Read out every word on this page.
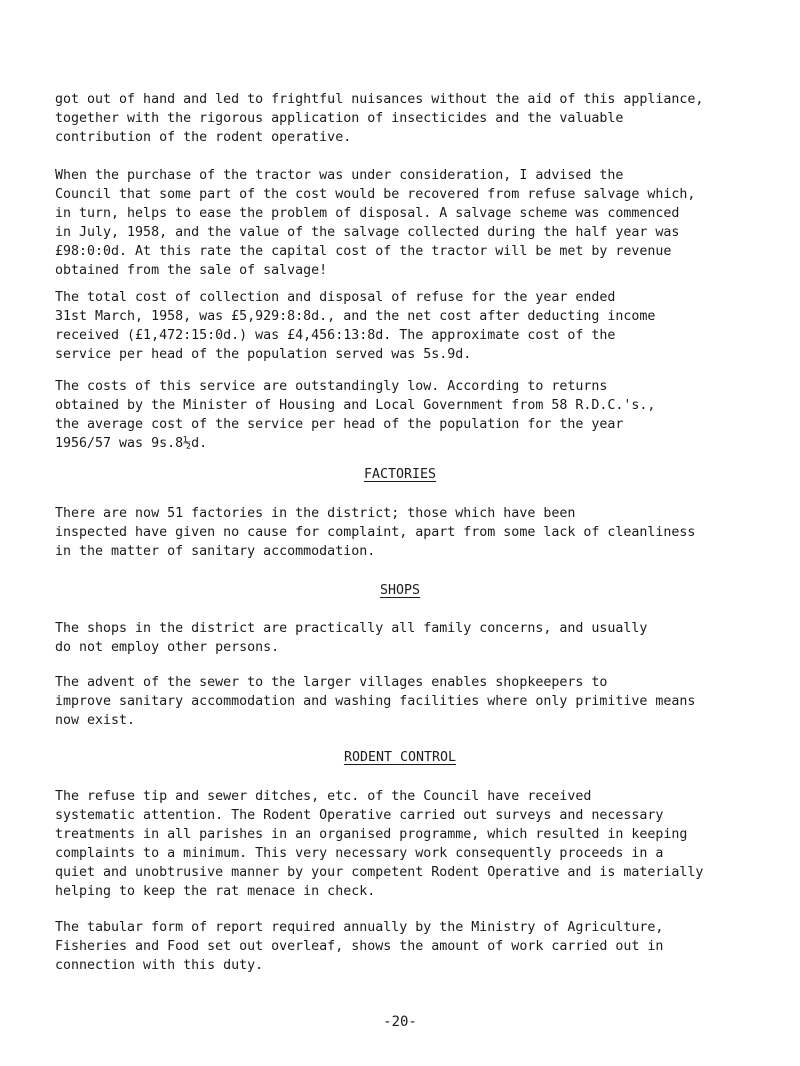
got out of hand and led to frightful nuisances without the aid of this appliance,
together with the rigorous application of insecticides and the valuable
contribution of the rodent operative.
When the purchase of the tractor was under consideration, I advised the
Council that some part of the cost would be recovered from refuse salvage which,
in turn, helps to ease the problem of disposal. A salvage scheme was commenced
in July, 1958, and the value of the salvage collected during the half year was
£98:0:0d. At this rate the capital cost of the tractor will be met by revenue
obtained from the sale of salvage!
The total cost of collection and disposal of refuse for the year ended
31st March, 1958, was £5,929:8:8d., and the net cost after deducting income
received (£1,472:15:0d.) was £4,456:13:8d. The approximate cost of the
service per head of the population served was 5s.9d.
The costs of this service are outstandingly low. According to returns
obtained by the Minister of Housing and Local Government from 58 R.D.C.'s.,
the average cost of the service per head of the population for the year
1956/57 was 9s.8½d.
FACTORIES
There are now 51 factories in the district; those which have been
inspected have given no cause for complaint, apart from some lack of cleanliness
in the matter of sanitary accommodation.
SHOPS
The shops in the district are practically all family concerns, and usually
do not employ other persons.
The advent of the sewer to the larger villages enables shopkeepers to
improve sanitary accommodation and washing facilities where only primitive means
now exist.
RODENT CONTROL
The refuse tip and sewer ditches, etc. of the Council have received
systematic attention. The Rodent Operative carried out surveys and necessary
treatments in all parishes in an organised programme, which resulted in keeping
complaints to a minimum. This very necessary work consequently proceeds in a
quiet and unobtrusive manner by your competent Rodent Operative and is materially
helping to keep the rat menace in check.
The tabular form of report required annually by the Ministry of Agriculture,
Fisheries and Food set out overleaf, shows the amount of work carried out in
connection with this duty.
-20-
